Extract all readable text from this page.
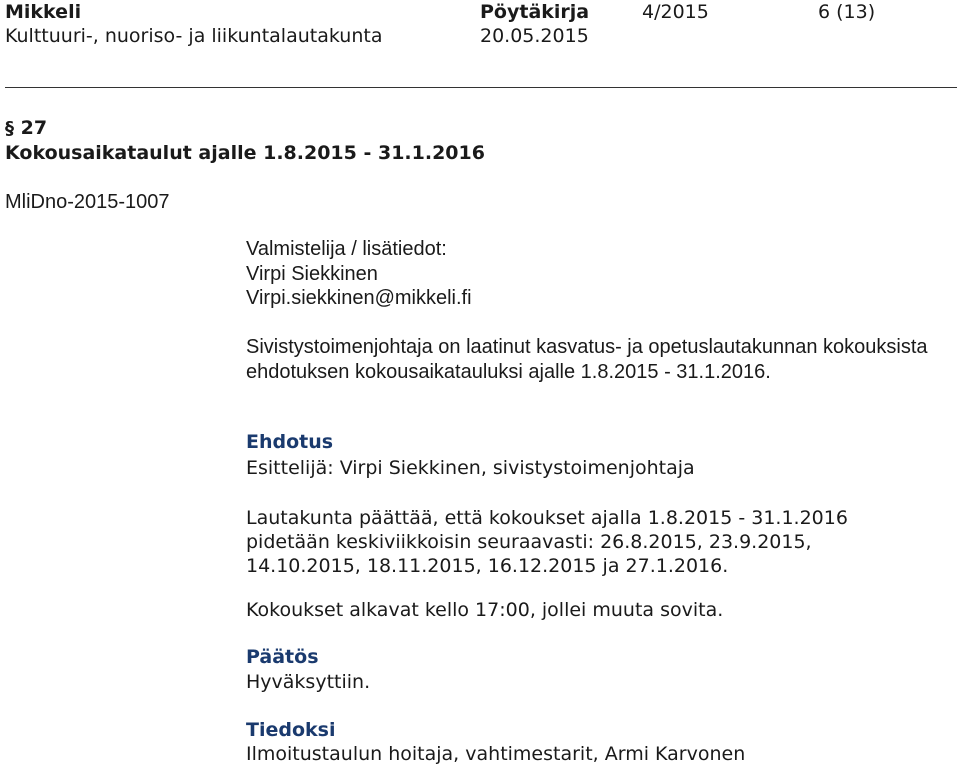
Mikkeli
Kulttuuri-, nuoriso- ja liikuntalautakunta
Pöytäkirja
20.05.2015
4/2015	6 (13)
§ 27
Kokousaikataulut ajalle 1.8.2015 - 31.1.2016
MliDno-2015-1007
Valmistelija / lisätiedot:
Virpi Siekkinen
Virpi.siekkinen@mikkeli.fi
Sivistystoimenjohtaja on laatinut kasvatus- ja opetuslautakunnan kokouksista ehdotuksen kokousaikatauluksi ajalle 1.8.2015 - 31.1.2016.
Ehdotus
Esittelijä: Virpi Siekkinen, sivistystoimenjohtaja
Lautakunta päättää, että kokoukset ajalla 1.8.2015 - 31.1.2016
pidetään keskiviikkoisin seuraavasti: 26.8.2015, 23.9.2015,
14.10.2015, 18.11.2015, 16.12.2015 ja 27.1.2016.
Kokoukset alkavat kello 17:00, jollei muuta sovita.
Päätös
Hyväksyttiin.
Tiedoksi
Ilmoitustaulun hoitaja, vahtimestarit, Armi Karvonen
